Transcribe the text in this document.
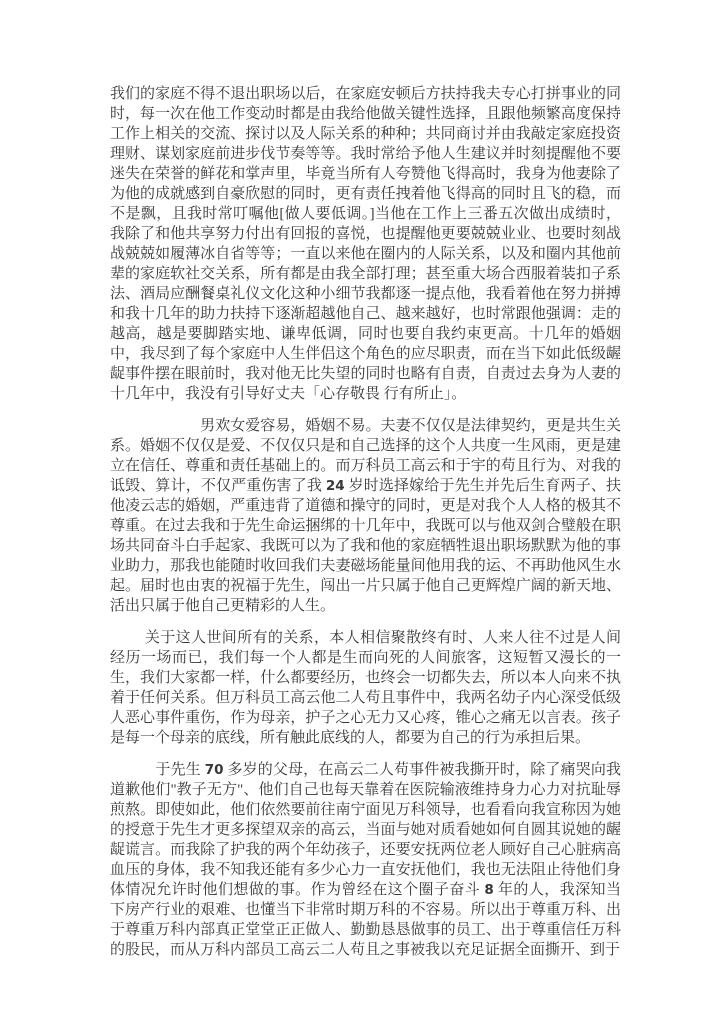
我们的家庭不得不退出职场以后，在家庭安顿后方扶持我夫专心打拼事业的同时，每一次在他工作变动时都是由我给他做关键性选择，且跟他频繁高度保持工作上相关的交流、探讨以及人际关系的种种；共同商讨并由我敲定家庭投资理财、谋划家庭前进步伐节奏等等。我时常给予他人生建议并时刻提醒他不要迷失在荣誉的鲜花和掌声里，毕竟当所有人夸赞他飞得高时，我身为他妻除了为他的成就感到自豪欣慰的同时，更有责任拽着他飞得高的同时且飞的稳，而不是飘，且我时常叮嘱他[做人要低调。]当他在工作上三番五次做出成绩时，我除了和他共享努力付出有回报的喜悦，也提醒他更要兢兢业业、也要时刻战战兢兢如履薄冰自省等等；一直以来他在圈内的人际关系，以及和圈内其他前辈的家庭软社交关系，所有都是由我全部打理；甚至重大场合西服着装扣子系法、酒局应酬餐桌礼仪文化这种小细节我都逐一提点他，我看着他在努力拼搏和我十几年的助力扶持下逐渐超越他自己、越来越好，也时常跟他强调：走的越高，越是要脚踏实地、谦卑低调，同时也要自我约束更高。十几年的婚姻中，我尽到了每个家庭中人生伴侣这个角色的应尽职责，而在当下如此低级龌龊事件摆在眼前时，我对他无比失望的同时也略有自责，自责过去身为人妻的十几年中，我没有引导好丈夫「心存敬畏 行有所止」。

　　　　　　男欢女爱容易，婚姻不易。夫妻不仅仅是法律契约，更是共生关系。婚姻不仅仅是爱、不仅仅只是和自己选择的这个人共度一生风雨，更是建立在信任、尊重和责任基础上的。而万科员工高云和于宇的苟且行为、对我的诋毁、算计，不仅严重伤害了我 24 岁时选择嫁给于先生并先后生育两子、扶他凌云志的婚姻，严重违背了道德和操守的同时，更是对我个人人格的极其不尊重。在过去我和于先生命运捆绑的十几年中，我既可以与他双剑合璧般在职场共同奋斗白手起家、我既可以为了我和他的家庭牺牲退出职场默默为他的事业助力，那我也能随时收回我们夫妻磁场能量间他用我的运、不再助他风生水起。届时也由衷的祝福于先生，闯出一片只属于他自己更辉煌广阔的新天地、活出只属于他自己更精彩的人生。

　　 关于这人世间所有的关系，本人相信聚散终有时、人来人往不过是人间经历一场而已，我们每一个人都是生而向死的人间旅客，这短暂又漫长的一生，我们大家都一样，什么都要经历，也终会一切都失去，所以本人向来不执着于任何关系。但万科员工高云他二人苟且事件中，我两名幼子内心深受低级人恶心事件重伤，作为母亲，护子之心无力又心疼，锥心之痛无以言表。孩子是每一个母亲的底线，所有触此底线的人，都要为自己的行为承担后果。

　　　于先生 70 多岁的父母，在高云二人苟事件被我撕开时，除了痛哭向我道歉他们"教子无方"、他们自己也每天靠着在医院输液维持身力心力对抗耻辱煎熬。即使如此，他们依然要前往南宁面见万科领导，也看看向我宣称因为她的授意于先生才更多探望双亲的高云，当面与她对质看她如何自圆其说她的龌龊谎言。而我除了护我的两个年幼孩子，还要安抚两位老人顾好自己心脏病高血压的身体，我不知我还能有多少心力一直安抚他们，我也无法阻止待他们身体情况允许时他们想做的事。作为曾经在这个圈子奋斗 8 年的人，我深知当下房产行业的艰难、也懂当下非常时期万科的不容易。所以出于尊重万科、出于尊重万科内部真正堂堂正正做人、勤勤恳恳做事的员工、出于尊重信任万科的股民，而从万科内部员工高云二人苟且之事被我以充足证据全面撕开、到于
